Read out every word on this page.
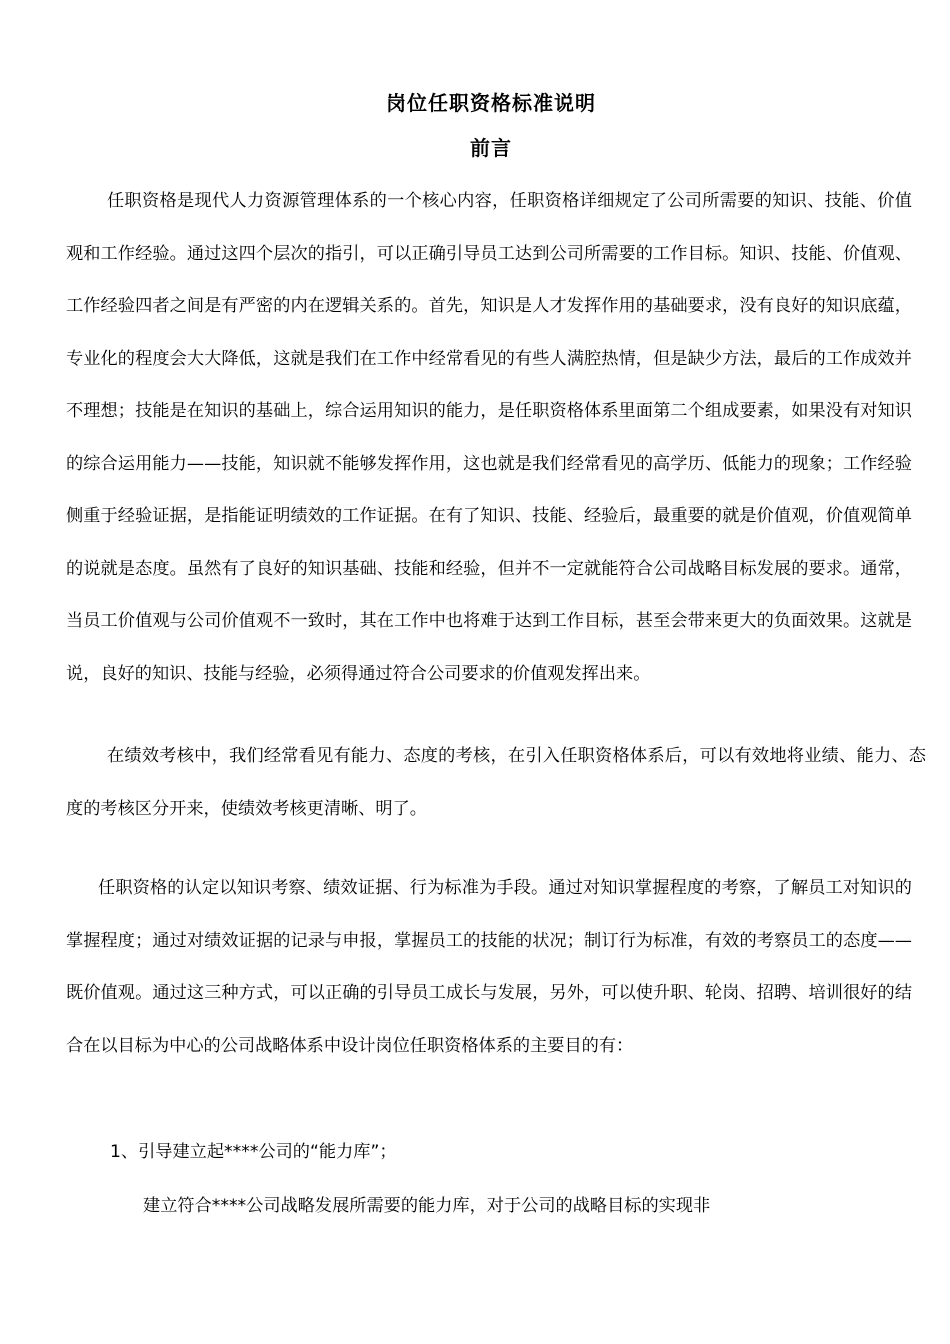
岗位任职资格标准说明
前言

任职资格是现代人力资源管理体系的一个核心内容，任职资格详细规定了公司所需要的知识、技能、价值观和工作经验。通过这四个层次的指引，可以正确引导员工达到公司所需要的工作目标。知识、技能、价值观、工作经验四者之间是有严密的内在逻辑关系的。首先，知识是人才发挥作用的基础要求，没有良好的知识底蕴，专业化的程度会大大降低，这就是我们在工作中经常看见的有些人满腔热情，但是缺少方法，最后的工作成效并不理想；技能是在知识的基础上，综合运用知识的能力，是任职资格体系里面第二个组成要素，如果没有对知识的综合运用能力——技能，知识就不能够发挥作用，这也就是我们经常看见的高学历、低能力的现象；工作经验侧重于经验证据，是指能证明绩效的工作证据。在有了知识、技能、经验后，最重要的就是价值观，价值观简单的说就是态度。虽然有了良好的知识基础、技能和经验，但并不一定就能符合公司战略目标发展的要求。通常，当员工价值观与公司价值观不一致时，其在工作中也将难于达到工作目标，甚至会带来更大的负面效果。这就是说，良好的知识、技能与经验，必须得通过符合公司要求的价值观发挥出来。

在绩效考核中，我们经常看见有能力、态度的考核，在引入任职资格体系后，可以有效地将业绩、能力、态度的考核区分开来，使绩效考核更清晰、明了。

任职资格的认定以知识考察、绩效证据、行为标准为手段。通过对知识掌握程度的考察，了解员工对知识的掌握程度；通过对绩效证据的记录与申报，掌握员工的技能的状况；制订行为标准，有效的考察员工的态度——既价值观。通过这三种方式，可以正确的引导员工成长与发展，另外，可以使升职、轮岗、招聘、培训很好的结合在以目标为中心的公司战略体系中设计岗位任职资格体系的主要目的有：

1、引导建立起****公司的“能力库”；
建立符合****公司战略发展所需要的能力库，对于公司的战略目标的实现非
